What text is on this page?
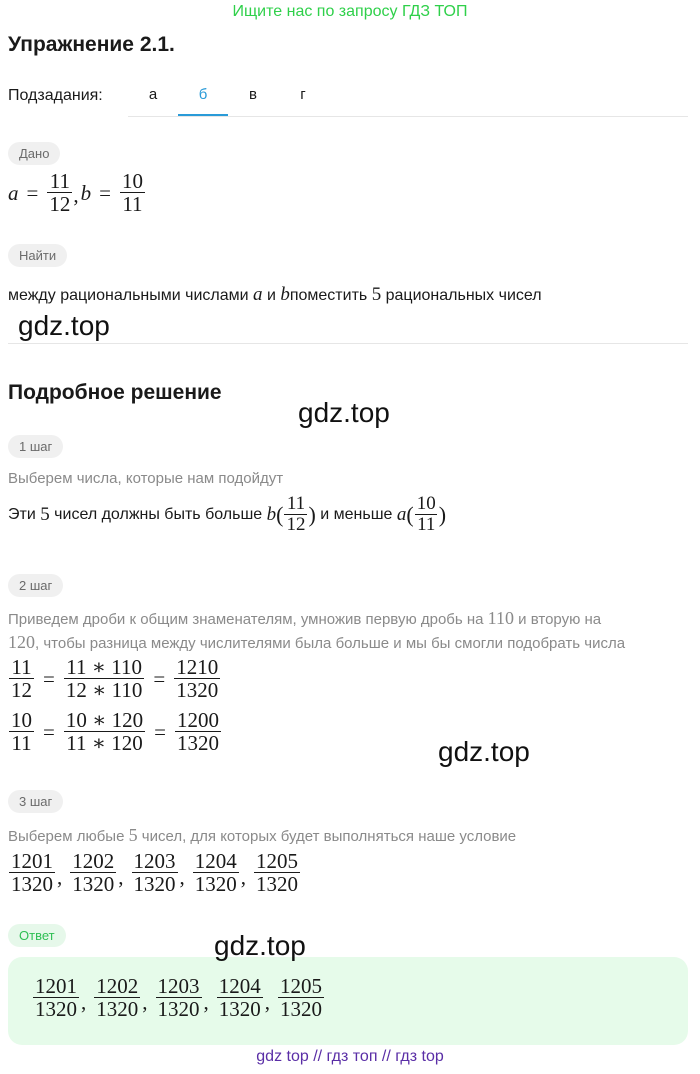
Ищите нас по запросу ГДЗ ТОП
Упражнение 2.1.
Подзадания:	а	б	в	г
Дано
$a = \frac{11}{12}$ , $b = \frac{10}{11}$
Найти
между рациональными числами a и bпоместить 5 рациональных чисел
gdz.top
Подробное решение
gdz.top
1 шаг
Выберем числа, которые нам подойдут
Эти
5
чисел должны быть больше
b ( $\frac{11}{12}$ )
и меньше
a ( $\frac{10}{11}$ )
2 шаг
Приведем дроби к общим знаменателям, умножив первую дробь на 110 и вторую на
120, чтобы разница между числителями была больше и мы бы смогли подобрать числа
$\frac{11}{12} = \frac{11 ∗ 110}{12 ∗ 110} = \frac{1210}{1320}$
$\frac{10}{11} = \frac{10 ∗ 120}{11 ∗ 120} = \frac{1200}{1320}$	gdz.top
3 шаг
Выберем любые 5 чисел, для которых будет выполняться наше условие
$\frac{1201}{1320}$ , $\frac{1202}{1320}$ , $\frac{1203}{1320}$ , $\frac{1204}{1320}$ , $\frac{1205}{1320}$
Ответ
$\frac{1201}{1320}$ , $\frac{1202}{1320}$ , $\frac{1203}{1320}$ , $\frac{1204}{1320}$ , $\frac{1205}{1320}$
gdz.top
gdz top // гдз топ // гдз top
